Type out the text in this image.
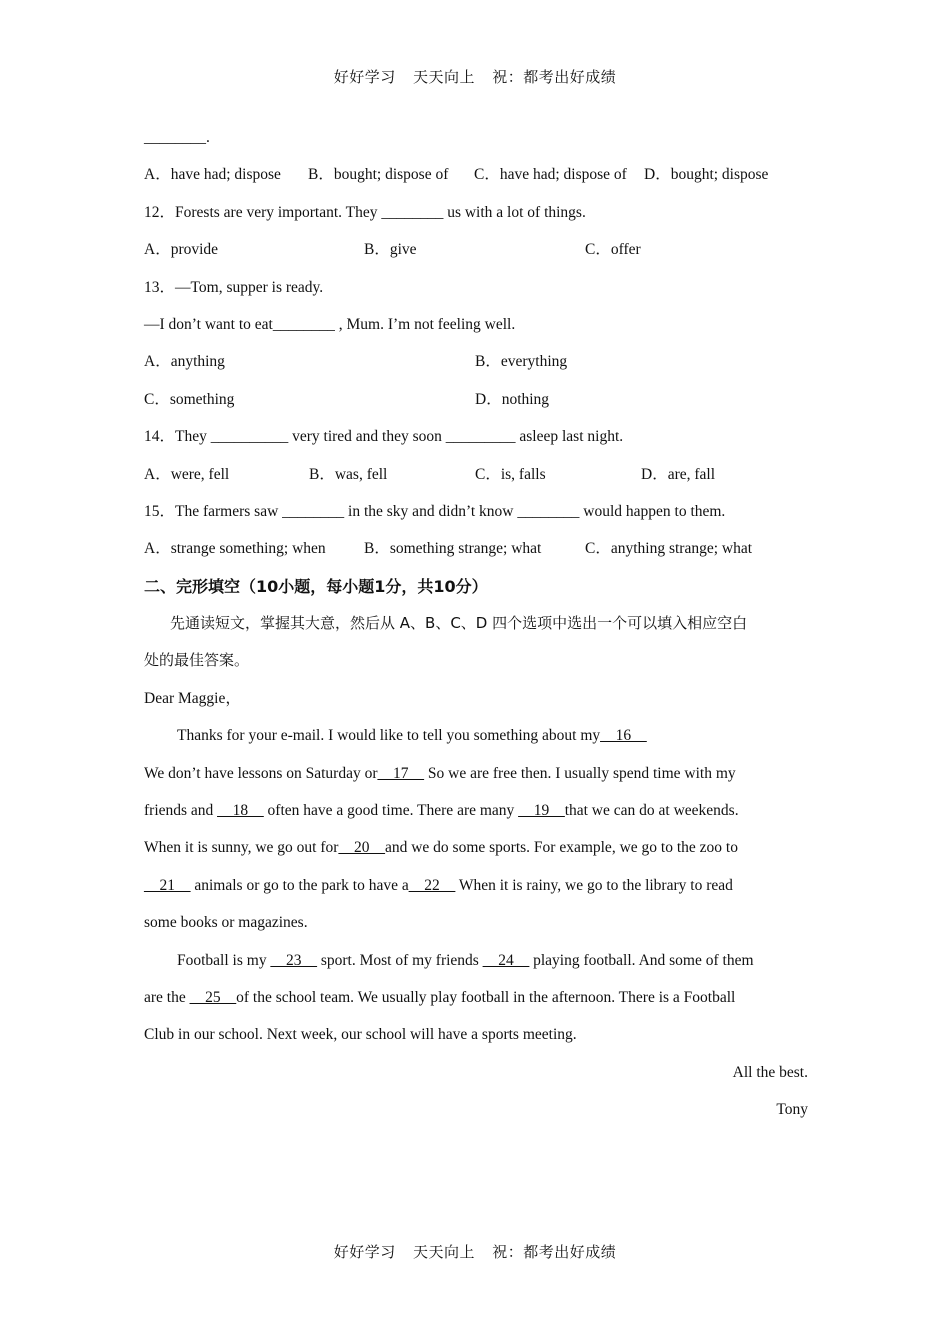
好好学习 天天向上 祝：都考出好成绩
________.
A．have had; dispose B．bought; dispose of C．have had; dispose of D．bought; dispose
12．Forests are very important. They ________ us with a lot of things.
A．provide	B．give	C．offer
13．—Tom, supper is ready.
—I don’t want to eat________ , Mum. I’m not feeling well.
A．anything	B．everything
C．something	D．nothing
14．They __________ very tired and they soon _________ asleep last night.
A．were, fell	B．was, fell	C．is, falls	D．are, fall
15．The farmers saw ________ in the sky and didn’t know ________ would happen to them.
A．strange something; when B．something strange; what	C．anything strange; what
二、完形填空（10小题，每小题1分，共10分）
先通读短文，掌握其大意，然后从 A、B、C、D 四个选项中选出一个可以填入相应空白
处的最佳答案。
Dear Maggie，
Thanks for your e-mail. I would like to tell you something about my__16__
We don’t have lessons on Saturday or__17__ So we are free then. I usually spend time with my
friends and __18__ often have a good time. There are many __19__that we can do at weekends.
When it is sunny, we go out for__20__and we do some sports. For example, we go to the zoo to
__21__ animals or go to the park to have a__22__ When it is rainy, we go to the library to read
some books or magazines.
Football is my __23__ sport. Most of my friends __24__ playing football. And some of them
are the __25__of the school team. We usually play football in the afternoon. There is a Football
Club in our school. Next week, our school will have a sports meeting.
All the best.
Tony
好好学习 天天向上 祝：都考出好成绩
